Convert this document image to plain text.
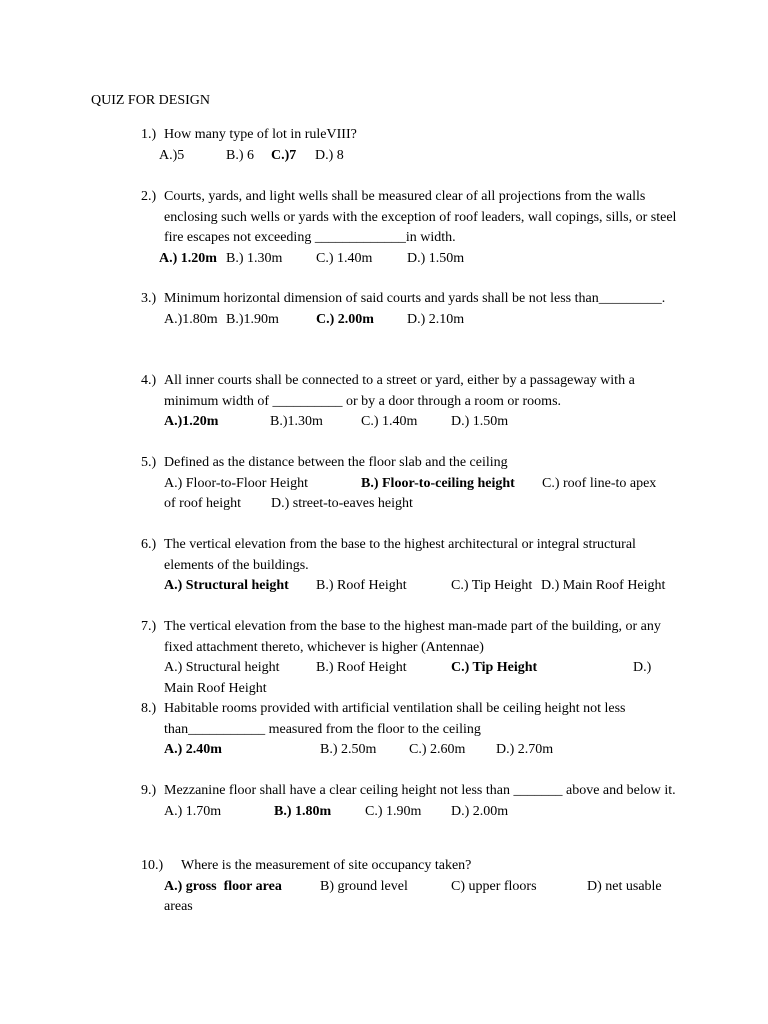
QUIZ FOR DESIGN
1.) How many type of lot in ruleVIII?
A.)5	B.) 6 C.)7 D.) 8
2.) Courts, yards, and light wells shall be measured clear of all projections from the walls enclosing such wells or yards with the exception of roof leaders, wall copings, sills, or steel fire escapes not exceeding _____________in width.
A.) 1.20m B.) 1.30m C.) 1.40m D.) 1.50m
3.) Minimum horizontal dimension of said courts and yards shall be not less than_________.
A.)1.80m B.)1.90m	C.) 2.00m D.) 2.10m
4.) All inner courts shall be connected to a street or yard, either by a passageway with a minimum width of __________ or by a door through a room or rooms.
A.)1.20m	B.)1.30m	C.) 1.40m D.) 1.50m
5.) Defined as the distance between the floor slab and the ceiling
A.) Floor-to-Floor Height	B.) Floor-to-ceiling height C.) roof line-to apex
of roof height D.) street-to-eaves height
6.) The vertical elevation from the base to the highest architectural or integral structural elements of the buildings.
A.) Structural height B.) Roof Height	C.) Tip Height D.) Main Roof Height
7.) The vertical elevation from the base to the highest man-made part of the building, or any fixed attachment thereto, whichever is higher (Antennae)
A.) Structural height	B.) Roof Height	C.) Tip Height	D.)
Main Roof Height
8.) Habitable rooms provided with artificial ventilation shall be ceiling height not less than___________ measured from the floor to the ceiling
A.) 2.40m	B.) 2.50m C.) 2.60m D.) 2.70m
9.) Mezzanine floor shall have a clear ceiling height not less than _______ above and below it.
A.) 1.70m	B.) 1.80m C.) 1.90m D.) 2.00m
10.)	Where is the measurement of site occupancy taken?
A.) gross  floor area	B) ground level	C) upper floors	D) net usable
areas
